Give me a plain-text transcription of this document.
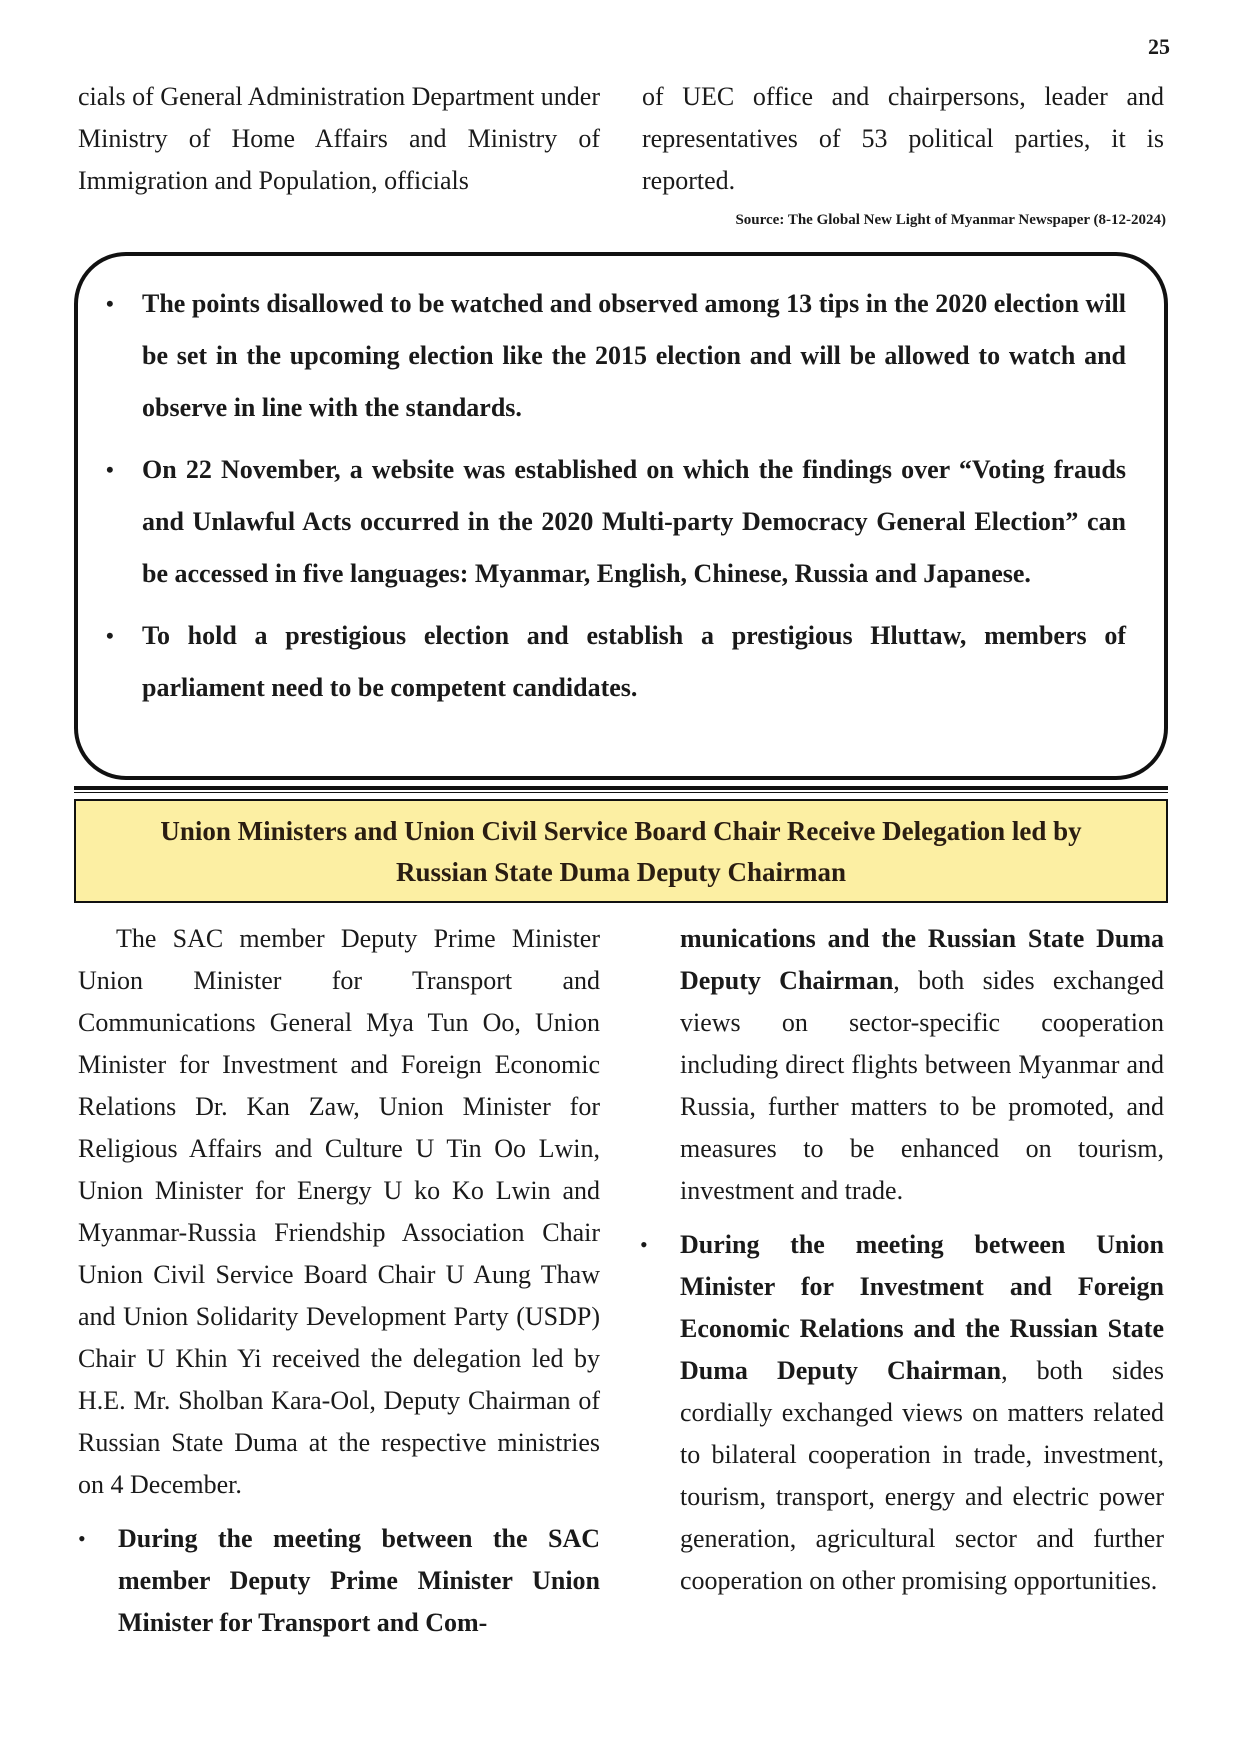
25

cials of General Administration Department under Ministry of Home Affairs and Ministry of Immigration and Population, officials

of UEC office and chairpersons, leader and representatives of 53 political parties, it is reported.

Source: The Global New Light of Myanmar Newspaper (8-12-2024)
• The points disallowed to be watched and observed among 13 tips in the 2020 election will be set in the upcoming election like the 2015 election and will be allowed to watch and observe in line with the standards.
• On 22 November, a website was established on which the findings over “Voting frauds and Unlawful Acts occurred in the 2020 Multi-party Democracy General Election” can be accessed in five languages: Myanmar, English, Chinese, Russia and Japanese.
• To hold a prestigious election and establish a prestigious Hluttaw, members of parliament need to be competent candidates.
Union Ministers and Union Civil Service Board Chair Receive Delegation led by
Russian State Duma Deputy Chairman

The SAC member Deputy Prime Minister Union Minister for Transport and Communications General Mya Tun Oo, Union Minister for Investment and Foreign Economic Relations Dr. Kan Zaw, Union Minister for Religious Affairs and Culture U Tin Oo Lwin, Union Minister for Energy U ko Ko Lwin and Myanmar-Russia Friendship Association Chair Union Civil Service Board Chair U Aung Thaw and Union Solidarity Development Party (USDP) Chair U Khin Yi received the delegation led by H.E. Mr. Sholban Kara-Ool, Deputy Chairman of Russian State Duma at the respective ministries on 4 December.

• During the meeting between the SAC member Deputy Prime Minister Union Minister for Transport and Com-

munications and the Russian State Duma Deputy Chairman, both sides exchanged views on sector-specific cooperation including direct flights between Myanmar and Russia, further matters to be promoted, and measures to be enhanced on tourism, investment and trade.

• During the meeting between Union Minister for Investment and Foreign Economic Relations and the Russian State Duma Deputy Chairman, both sides cordially exchanged views on matters related to bilateral cooperation in trade, investment, tourism, transport, energy and electric power generation, agricultural sector and further cooperation on other promising opportunities.
